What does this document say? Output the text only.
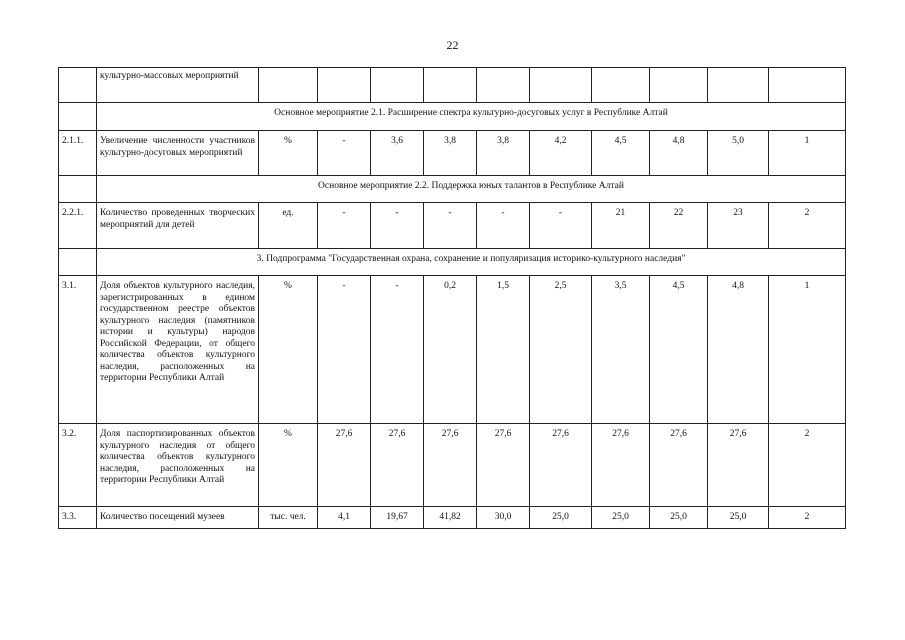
22
	культурно-массовых мероприятий										
	Основное мероприятие 2.1. Расширение спектра культурно-досуговых услуг в Республике Алтай										
2.1.1.	Увеличение численности участников культурно-досуговых мероприятий	%	-	3,6	3,8	3,8	4,2	4,5	4,8	5,0	1
	Основное мероприятие 2.2. Поддержка юных талантов в Республике Алтай										
2.2.1.	Количество проведенных творческих мероприятий для детей	ед.	-	-	-	-	-	21	22	23	2
	3. Подпрограмма "Государственная охрана, сохранение и популяризация историко-культурного наследия"										
3.1.	Доля объектов культурного наследия, зарегистрированных в едином государственном реестре объектов культурного наследия (памятников истории и культуры) народов Российской Федерации, от общего количества объектов культурного наследия, расположенных на территории Республики Алтай	%	-	-	0,2	1,5	2,5	3,5	4,5	4,8	1
3.2.	Доля паспортизированных объектов культурного наследия от общего количества объектов культурного наследия, расположенных на территории Республики Алтай	%	27,6	27,6	27,6	27,6	27,6	27,6	27,6	27,6	2
3.3.	Количество посещений музеев	тыс. чел.	4,1	19,67	41,82	30,0	25,0	25,0	25,0	25,0	2
